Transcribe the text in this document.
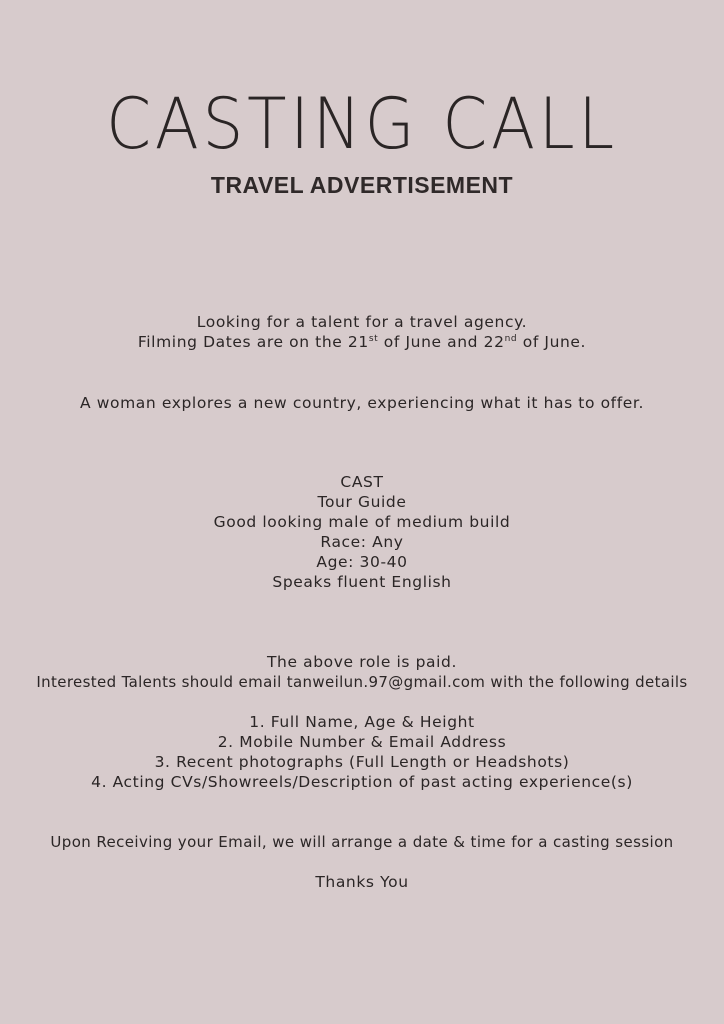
CASTING CALL
TRAVEL ADVERTISEMENT
Looking for a talent for a travel agency.
Filming Dates are on the 21st of June and 22nd of June.
A woman explores a new country, experiencing what it has to offer.
CAST
Tour Guide
Good looking male of medium build
Race: Any
Age: 30-40
Speaks fluent English
The above role is paid.
Interested Talents should email tanweilun.97@gmail.com with the following details
1. Full Name, Age & Height
2. Mobile Number & Email Address
3. Recent photographs (Full Length or Headshots)
4. Acting CVs/Showreels/Description of past acting experience(s)
Upon Receiving your Email, we will arrange a date & time for a casting session
Thanks You
